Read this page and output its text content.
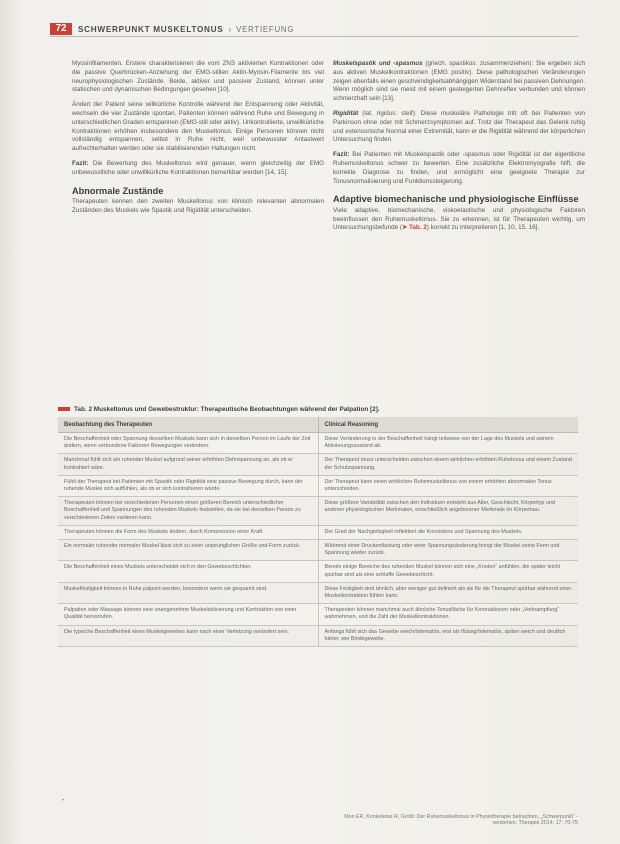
72	SCHWERPUNKT MUSKELTONUS › VERTIEFUNG

Myosinfilamenten. Erstere charakterisieren die vom ZNS aktivierten Kontraktionen oder die passive Querbrücken-Anziehung der EMG-stillen Aktin-Myosin-Filamente bis viel neurophysiologischen Zustände. Beide, aktiver und passiver Zustand, können unter statischen und dynamischen Bedingungen gesehen [10].

Ändert der Patient seine willkürliche Kontrolle während der Entspannung oder Aktivität, wechseln die vier Zustände spontan. Patienten können während Ruhe und Bewegung in unterschiedlichen Graden entspannen (EMG-still oder aktiv). Unkontrollierte, unwillkürliche Kontraktionen erhöhen insbesondere den Muskeltonus. Einige Personen können nicht vollständig entspannen, selbst in Ruhe nicht, weil unbewusster Antastwert aufrechterhalten werden oder sie stabilisierenden Haltungen nicht.

Fazit: Die Bewertung des Muskeltonus wird genauer, wenn gleichzeitig der EMG unbewusstliche oder unwillkürliche Kontraktionen bemerkbar werden [14, 15].

Abnormale Zustände

Therapeuten kennen den zweiten Muskeltonus von klinisch relevanten abnormalen Zuständen des Muskels wie Spastik und Rigidität unterscheiden.

Muskelspastik und -spasmus (griech. spastikos: zusammenziehen): Sie ergeben sich aus aktiven Muskelkontraktionen (EMG positiv). Diese pathologischen Veränderungen zeigen ebenfalls einen geschwindigkeitsabhängigen Widerstand bei passiven Dehnungen. Wenn möglich sind sie meist mit einem gesteigerten Dehnreflex verbunden und können schmerzhaft sein [13].

Rigidität (lat. rigidus: steif): Diese muskuläre Pathologie tritt oft bei Patienten von Parkinson ohne oder mit Schmerzsymptomen auf. Trotz der Therapeut das Gelenk ruhig und extensorische Normal einer Extremität, kann er die Rigidität während der körperlichen Untersuchung finden.

Fazit: Bei Patienten mit Muskelspastik oder -spasmus oder Rigidität ist der eigentliche Ruhemuskeltonus schwer zu bewerten. Eine zusätzliche Elektromyografie hilft, die korrekte Diagnose zu finden, und ermöglicht eine geeignete Therapie zur Tonusnormalisierung und Funktionssteigerung.

Adaptive biomechanische und physiologische Einflüsse

Viele adaptive, biomechanische, viskoelastische und physiologische Faktoren beeinflussen den Ruhemuskeltonus. Sie zu erkennen, ist für Therapeuten wichtig, um Untersuchungsbefunde (➤ Tab. 2) korrekt zu interpretieren [1, 10, 15, 16].

Tab. 2 Muskeltonus und Gewebestruktur: Therapeutische Beobachtungen während der Palpation [2].
Beobachtung des Therapeuten	Clinical Reasoning
Die Beschaffenheit oder Spannung desselben Muskels kann sich in derselben Person im Laufe der Zeit ändern, wenn verbundene Faktoren Bewegungen verändern.	Diese Veränderung in der Beschaffenheit hängt teilweise von der Lage des Muskels und seinem Aktivierungszustand ab.
Manchmal fühlt sich ein ruhender Muskel aufgrund seiner erhöhten Dehnspannung an, als ob er kontrahiert wäre.	Der Therapeut muss unterscheiden zwischen einem wirklichen erhöhten Ruhetonus und einem Zustand der Schutzspannung.
Fühlt der Therapeut bei Patienten mit Spastik oder Rigidität eine passive Bewegung durch, kann der ruhende Muskel sich auffühlen, als ob er sich kontrahieren würde.	Der Therapeut kann einen wirklichen Ruhemuskeltonus von einem erhöhten abnormalen Tonus unterscheiden.
Therapeuten können bei verschiedenen Personen einen größeren Bereich unterschiedlicher Beschaffenheit und Spannungen des ruhenden Muskels feststellen, da sie bei derselben Person zu verschiedenen Zeiten variieren kann.	Diese größere Variabilität zwischen den Individuen entsteht aus Alter, Geschlecht, Körpertyp und anderen physiologischen Merkmalen, einschließlich angeborener Merkmale im Körperbau.
Therapeuten können die Form des Muskels ändern, durch Kompression einer Kraft.	Der Grad der Nachgiebigkeit reflektiert die Konsistenz und Spannung des Muskels.
Ein normaler ruhender normaler Muskel lässt sich zu einer ursprünglichen Größe und Form zurück.	Während einer Druckentlastung oder einer Spannungsänderung bringt der Muskel seine Form und Spannung wieder zurück.
Die Beschaffenheit eines Muskels unterscheidet sich in den Gewebeschichten.	Bereits einige Bereiche des ruhenden Muskel können sich eine „Knoten“ anfühlen, die später leicht spürbar sind als eine schlaffe Gewebeschicht.
Muskelfestigkeit können in Ruhe palpiert werden, besonders wenn sie gespannt sind.	Diese Festigkeit sind ähnlich, aber weniger gut definiert als sie für die Therapeut spürbar während einer Muskelkontraktion fühlen kann.
Palpation oder Massage können eine unangenehme Muskelaktivierung und Kontraktion von einer Qualität hervorrufen.	Therapeuten können manchmal auch ähnliche Tonusfläche für Kontraktionen oder „Verkrampfung“ wahrnehmen, und die Zahl der Muskelkontraktionen.
Die typische Beschaffenheit eines Muskelgewebes kann nach einer Verletzung verändert sein.	Anfangs fühlt sich das Gewebe weich/ödematös, erst als flüssig/ödematös, später weich und deutlich härter, wie Bindegewebe.
•
Mon ER, Konkeletus R, Gröbl: Der Ruhemuskeltonus in Physiotherapie betrachten, „Schwerpunkt“ - verstehen. Therapie 2014; 17: 70-75
